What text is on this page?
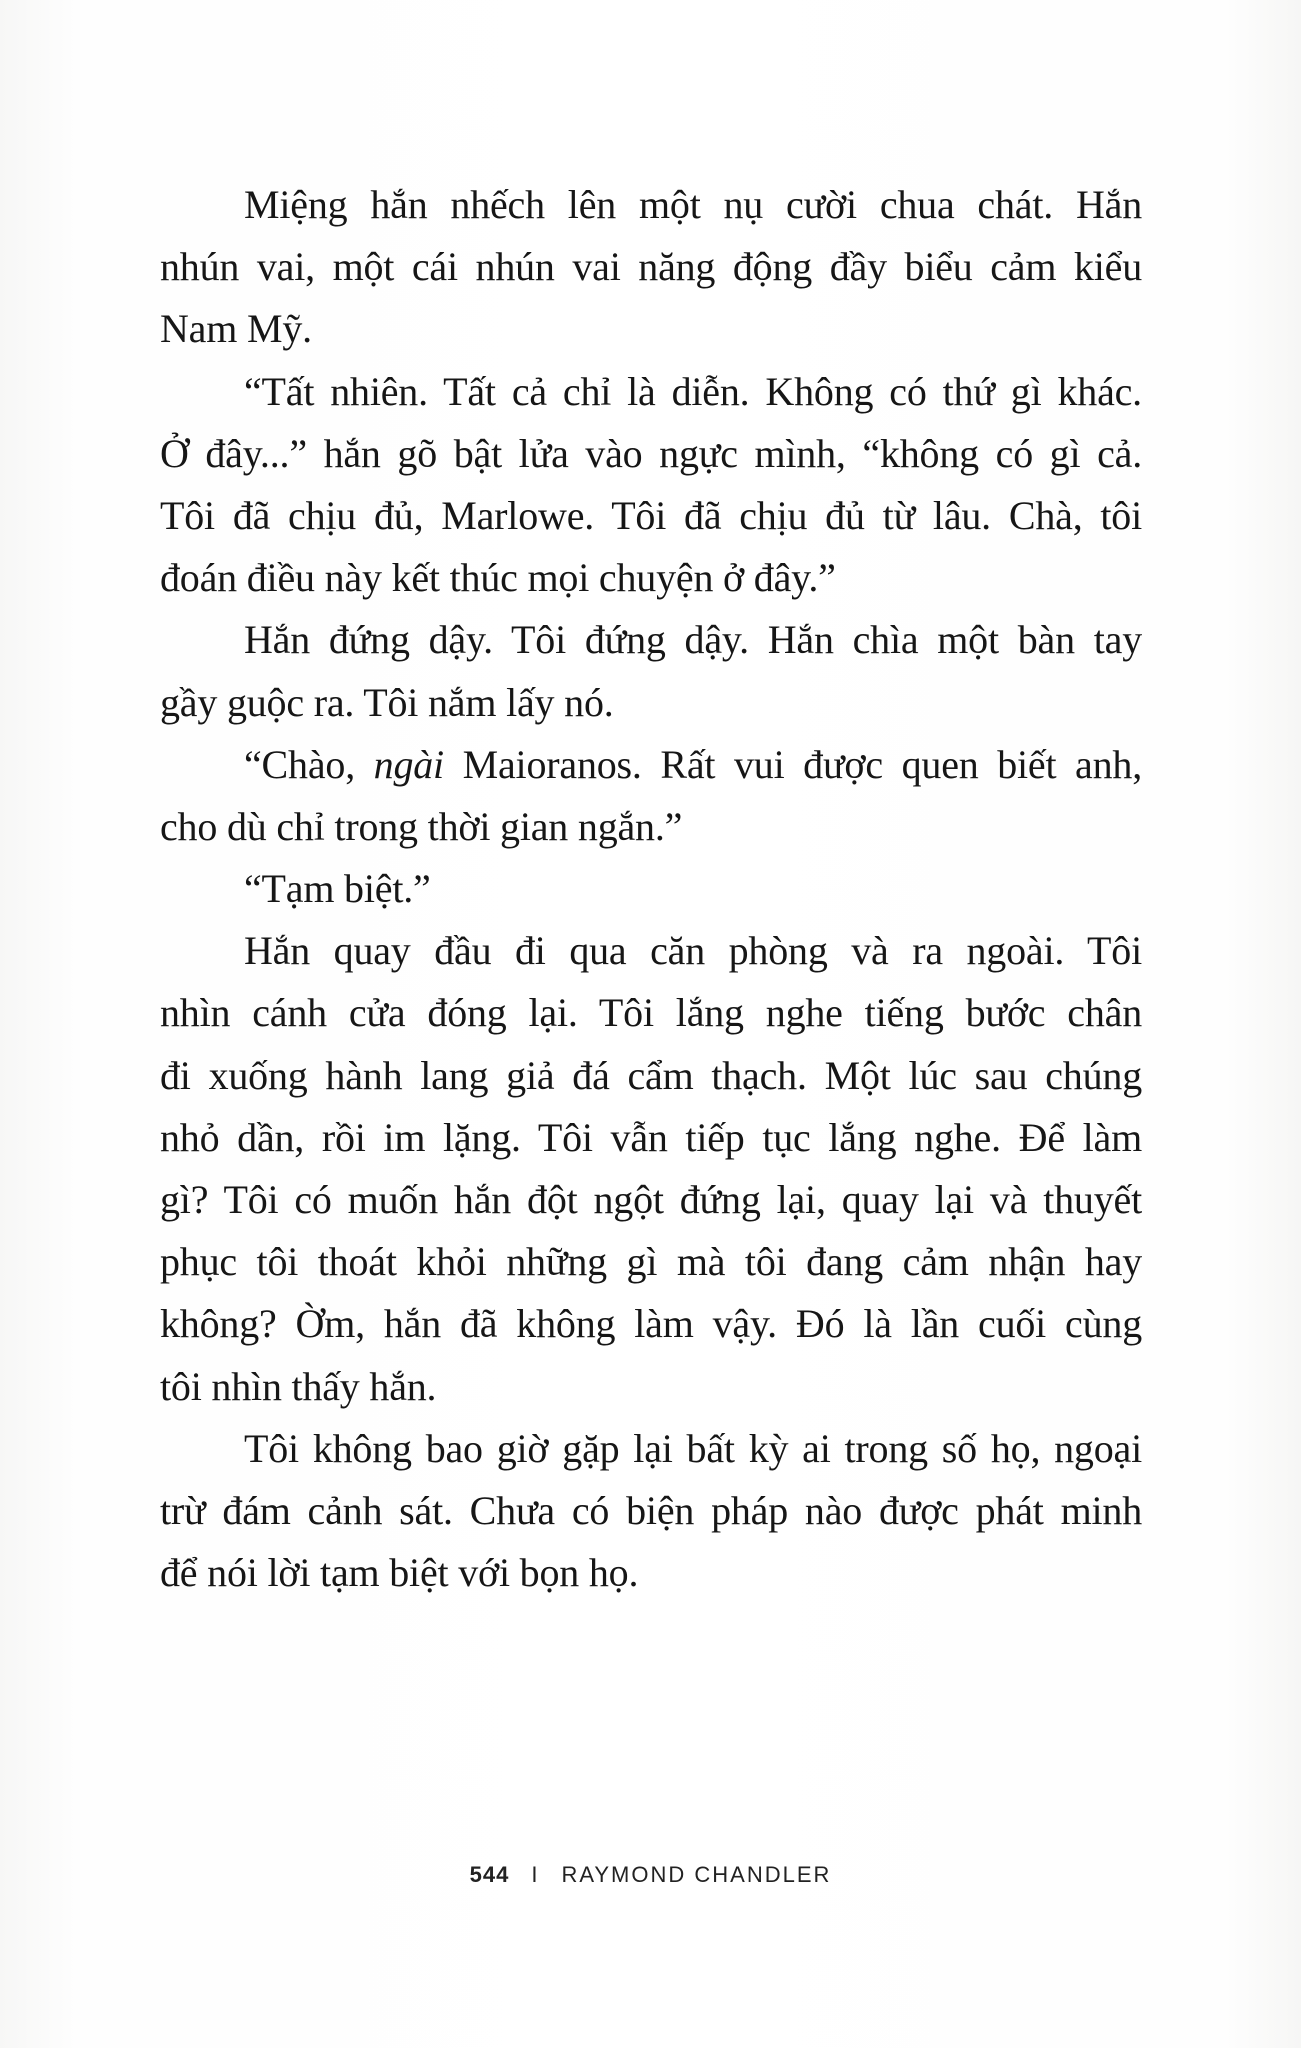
Miệng hắn nhếch lên một nụ cười chua chát. Hắn
nhún vai, một cái nhún vai năng động đầy biểu cảm kiểu
Nam Mỹ.
“Tất nhiên. Tất cả chỉ là diễn. Không có thứ gì khác.
Ở đây...” hắn gõ bật lửa vào ngực mình, “không có gì cả.
Tôi đã chịu đủ, Marlowe. Tôi đã chịu đủ từ lâu. Chà, tôi
đoán điều này kết thúc mọi chuyện ở đây.”
Hắn đứng dậy. Tôi đứng dậy. Hắn chìa một bàn tay
gầy guộc ra. Tôi nắm lấy nó.
“Chào, ngài Maioranos. Rất vui được quen biết anh,
cho dù chỉ trong thời gian ngắn.”
“Tạm biệt.”
Hắn quay đầu đi qua căn phòng và ra ngoài. Tôi
nhìn cánh cửa đóng lại. Tôi lắng nghe tiếng bước chân
đi xuống hành lang giả đá cẩm thạch. Một lúc sau chúng
nhỏ dần, rồi im lặng. Tôi vẫn tiếp tục lắng nghe. Để làm
gì? Tôi có muốn hắn đột ngột đứng lại, quay lại và thuyết
phục tôi thoát khỏi những gì mà tôi đang cảm nhận hay
không? Ờm, hắn đã không làm vậy. Đó là lần cuối cùng
tôi nhìn thấy hắn.
Tôi không bao giờ gặp lại bất kỳ ai trong số họ, ngoại
trừ đám cảnh sát. Chưa có biện pháp nào được phát minh
để nói lời tạm biệt với bọn họ.
544 I RAYMOND CHANDLER
